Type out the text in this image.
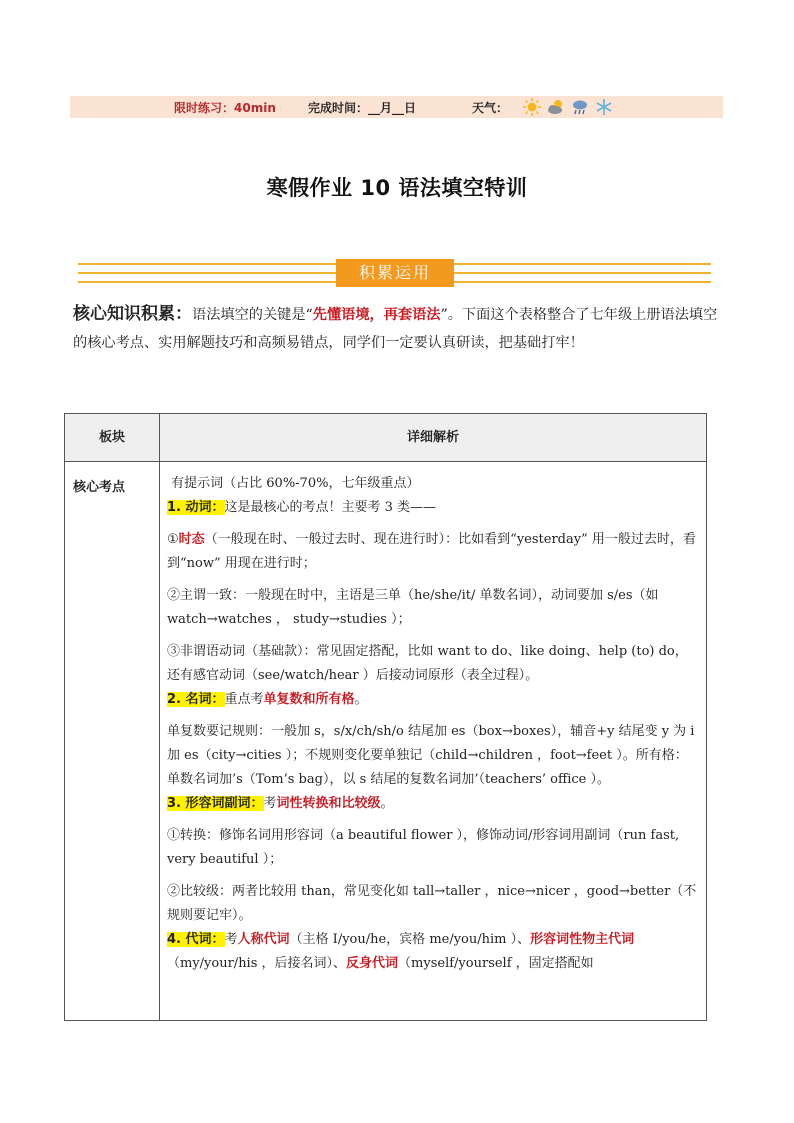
限时练习：40min	完成时间：__月__日	天气：
寒假作业 10 语法填空特训
积累运用
核心知识积累：语法填空的关键是“先懂语境，再套语法”。下面这个表格整合了七年级上册语法填空的核心考点、实用解题技巧和高频易错点，同学们一定要认真研读，把基础打牢！
板块	详细解析
核心考点	有提示词（占比 60%-70%，七年级重点）

1. 动词：这是最核心的考点！主要考 3 类——

①时态（一般现在时、一般过去时、现在进行时）：比如看到“yesterday” 用一般过去时，看到“now” 用现在进行时；

②主谓一致：一般现在时中，主语是三单（he/she/it/ 单数名词），动词要加 s/es（如 watch→watches ， study→studies ）；

③非谓语动词（基础款）：常见固定搭配，比如 want to do、like doing、help (to) do，还有感官动词（see/watch/hear ）后接动词原形（表全过程）。

2. 名词：重点考单复数和所有格。

单复数要记规则：一般加 s，s/x/ch/sh/o 结尾加 es（box→boxes），辅音+y 结尾变 y 为 i 加 es（city→cities ）；不规则变化要单独记（child→children ，foot→feet ）。所有格：单数名词加’s（Tom’s bag），以 s 结尾的复数名词加’（teachers’ office ）。

3. 形容词副词：考词性转换和比较级。

①转换：修饰名词用形容词（a beautiful flower ），修饰动词/形容词用副词（run fast, very beautiful ）；

②比较级：两者比较用 than，常见变化如 tall→taller ，nice→nicer ，good→better（不规则要记牢）。

4. 代词：考人称代词（主格 I/you/he，宾格 me/you/him ）、形容词性物主代词（my/your/his ，后接名词）、反身代词（myself/yourself ，固定搭配如
